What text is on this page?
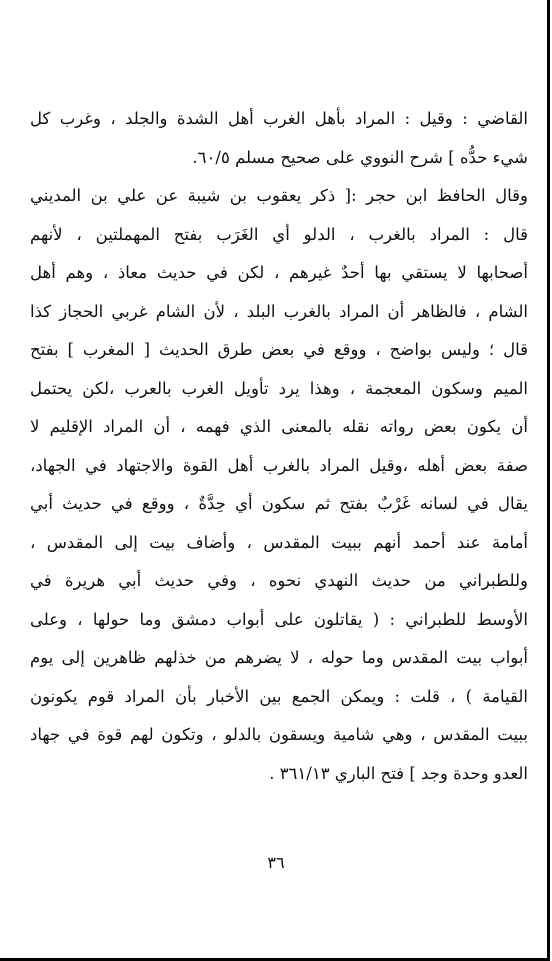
القاضي : وقيل : المراد بأهل الغرب أهل الشدة والجلد ، وغرب كل
شيء حدُّه ] شرح النووي على صحيح مسلم ٦٠/٥.
وقال الحافظ ابن حجر :[ ذكر يعقوب بن شيبة عن علي بن المديني
قال : المراد بالغرب ، الدلو أي الغَرَب بفتح المهملتين ، لأنهم
أصحابها لا يستقي بها أحدٌ غيرهم ، لكن في حديث معاذ ، وهم أهل
الشام ، فالظاهر أن المراد بالغرب البلد ، لأن الشام غربي الحجاز كذا
قال ؛ وليس بواضح ، ووقع في بعض طرق الحديث [ المغرب ] بفتح
الميم وسكون المعجمة ، وهذا يرد تأويل الغرب بالعرب ،لكن يحتمل
أن يكون بعض رواته نقله بالمعنى الذي فهمه ، أن المراد الإقليم لا
صفة بعض أهله ،وقيل المراد بالغرب أهل القوة والاجتهاد في الجهاد،
يقال في لسانه غَرْبٌ بفتح ثم سكون أي حِدَّةٌ ، ووقع في حديث أبي
أمامة عند أحمد أنهم ببيت المقدس ، وأضاف بيت إلى المقدس ،
وللطبراني من حديث النهدي نحوه ، وفي حديث أبي هريرة في
الأوسط للطبراني : ( يقاتلون على أبواب دمشق وما حولها ، وعلى
أبواب بيت المقدس وما حوله ، لا يضرهم من خذلهم ظاهرين إلى يوم
القيامة ) ، قلت : ويمكن الجمع بين الأخبار بأن المراد قوم يكونون
ببيت المقدس ، وهي شامية ويسقون بالدلو ، وتكون لهم قوة في جهاد
العدو وحدة وجد ] فتح الباري ٣٦١/١٣ .
٣٦
